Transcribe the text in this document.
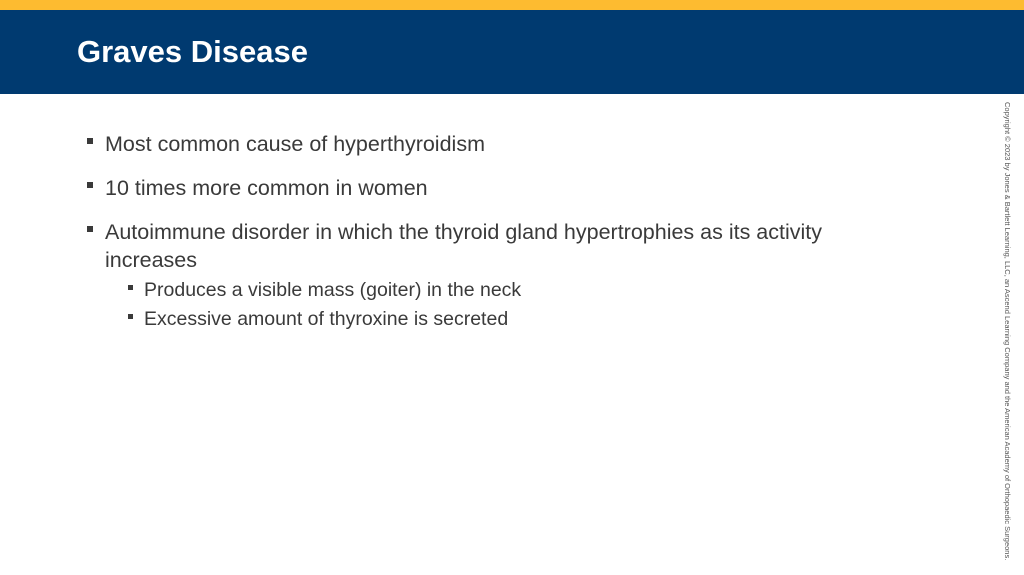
Graves Disease
Most common cause of hyperthyroidism
10 times more common in women
Autoimmune disorder in which the thyroid gland hypertrophies as its activity increases
Produces a visible mass (goiter) in the neck
Excessive amount of thyroxine is secreted	Copyright © 2023 by Jones & Bartlett Learning, LLC, an Ascend Learning Company and the American Academy of Orthopaedic Surgeons.
